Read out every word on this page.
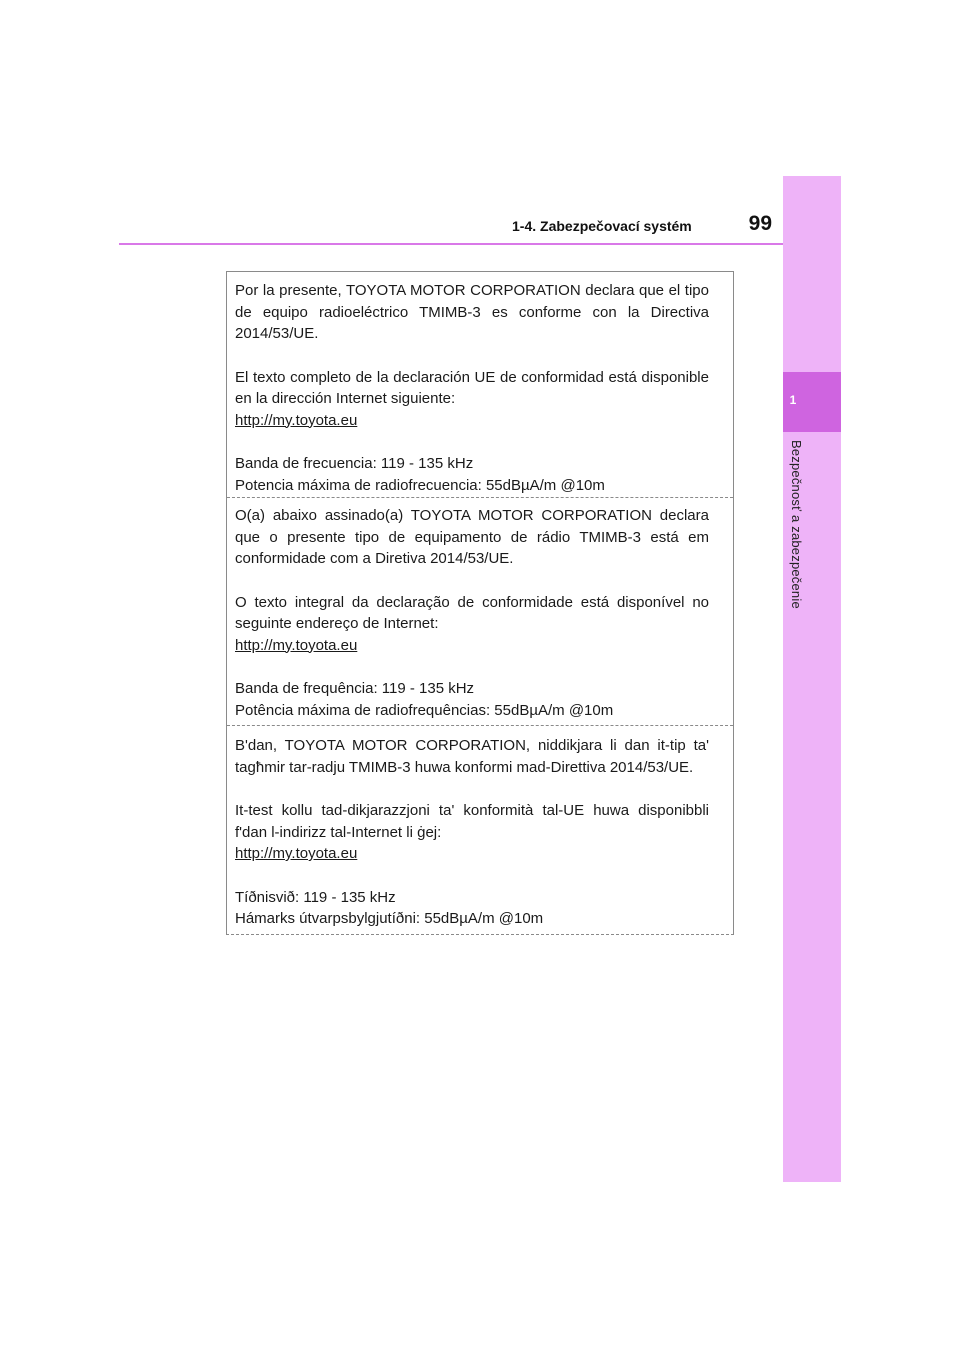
1-4. Zabezpečovací systém	99
1
Bezpečnosť a zabezpečenie

Por la presente, TOYOTA MOTOR CORPORATION declara que el tipo de equipo radioeléctrico TMIMB-3 es conforme con la Directiva 2014/53/UE.

El texto completo de la declaración UE de conformidad está disponible en la dirección Internet siguiente:

http://my.toyota.eu

Banda de frecuencia: 119 - 135 kHz

Potencia máxima de radiofrecuencia: 55dBµA/m @10m

O(a) abaixo assinado(a) TOYOTA MOTOR CORPORATION declara que o presente tipo de equipamento de rádio TMIMB-3 está em conformidade com a Diretiva 2014/53/UE.

O texto integral da declaração de conformidade está disponível no seguinte endereço de Internet:

http://my.toyota.eu

Banda de frequência: 119 - 135 kHz

Potência máxima de radiofrequências: 55dBµA/m @10m

B'dan, TOYOTA MOTOR CORPORATION, niddikjara li dan it-tip ta' tagħmir tar-radju TMIMB-3 huwa konformi mad-Direttiva 2014/53/UE.

It-test kollu tad-dikjarazzjoni ta' konformità tal-UE huwa disponibbli f'dan l-indirizz tal-Internet li ġej:

http://my.toyota.eu

Tíðnisvið: 119 - 135 kHz

Hámarks útvarpsbylgjutíðni: 55dBµA/m @10m
